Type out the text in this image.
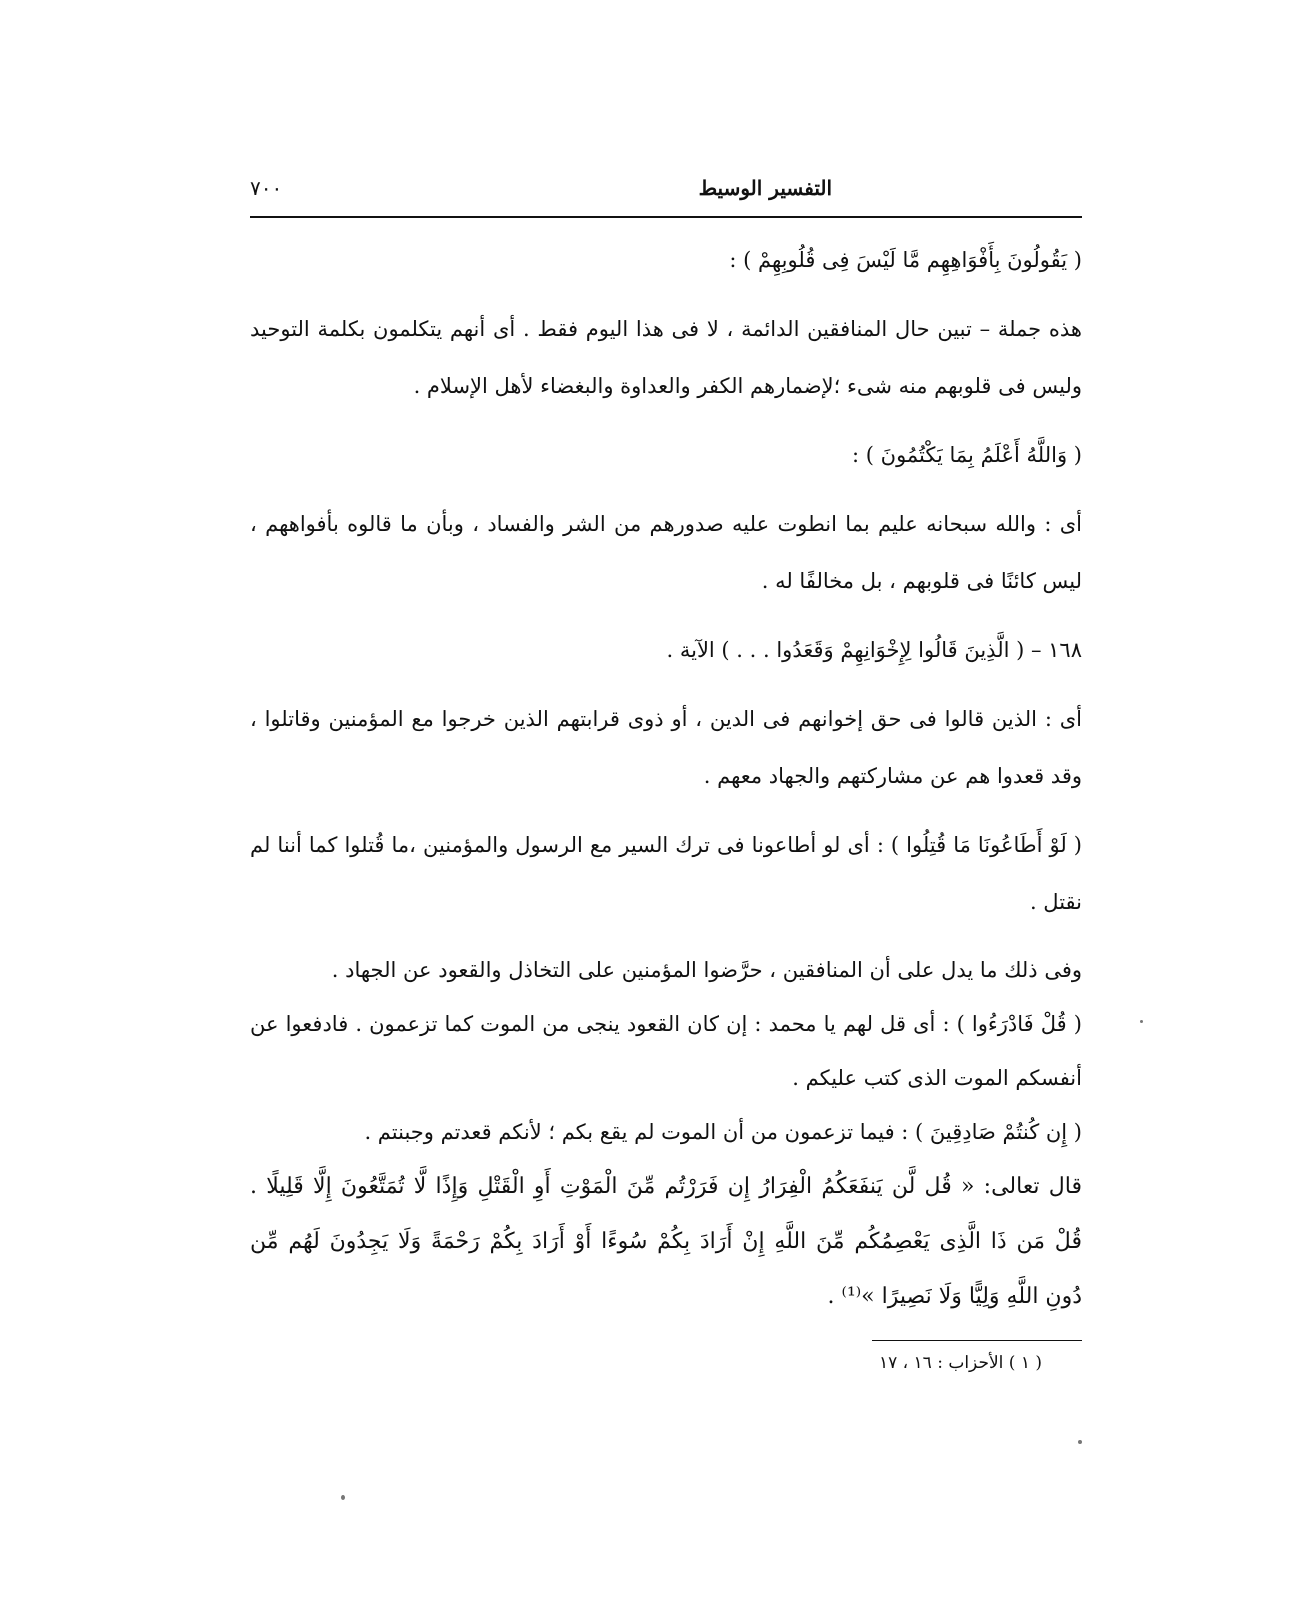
التفسير الوسيط
٧٠٠

( يَقُولُونَ بِأَفْوَاهِهِم مَّا لَيْسَ فِى قُلُوبِهِمْ ) :

هذه جملة – تبين حال المنافقين الدائمة ، لا فى هذا اليوم فقط . أى أنهم يتكلمون بكلمة التوحيد وليس فى قلوبهم منه شىء ؛لإضمارهم الكفر والعداوة والبغضاء لأهل الإسلام .

( وَاللَّهُ أَعْلَمُ بِمَا يَكْتُمُونَ ) :

أى : والله سبحانه عليم بما انطوت عليه صدورهم من الشر والفساد ، وبأن ما قالوه بأفواههم ، ليس كائنًا فى قلوبهم ، بل مخالفًا له .

١٦٨ – ( الَّذِينَ قَالُوا لِإِخْوَانِهِمْ وَقَعَدُوا . . . ) الآية .

أى : الذين قالوا فى حق إخوانهم فى الدين ، أو ذوى قرابتهم الذين خرجوا مع المؤمنين وقاتلوا ، وقد قعدوا هم عن مشاركتهم والجهاد معهم .

( لَوْ أَطَاعُونَا مَا قُتِلُوا ) : أى لو أطاعونا فى ترك السير مع الرسول والمؤمنين ،ما قُتلوا كما أننا لم نقتل .

وفى ذلك ما يدل على أن المنافقين ، حرَّضوا المؤمنين على التخاذل والقعود عن الجهاد .

( قُلْ فَادْرَءُوا ) : أى قل لهم يا محمد : إن كان القعود ينجى من الموت كما تزعمون . فادفعوا عن أنفسكم الموت الذى كتب عليكم .

( إِن كُنتُمْ صَادِقِينَ ) : فيما تزعمون من أن الموت لم يقع بكم ؛ لأنكم قعدتم وجبنتم .

قال تعالى: « قُل لَّن يَنفَعَكُمُ الْفِرَارُ إِن فَرَرْتُم مِّنَ الْمَوْتِ أَوِ الْقَتْلِ وَإِذًا لَّا تُمَتَّعُونَ إِلَّا قَلِيلًا .

قُلْ مَن ذَا الَّذِى يَعْصِمُكُم مِّنَ اللَّهِ إِنْ أَرَادَ بِكُمْ سُوءًا أَوْ أَرَادَ بِكُمْ رَحْمَةً وَلَا يَجِدُونَ لَهُم مِّن

دُونِ اللَّهِ وَلِيًّا وَلَا نَصِيرًا »⁽¹⁾ .

( ١ ) الأحزاب : ١٦ ، ١٧
